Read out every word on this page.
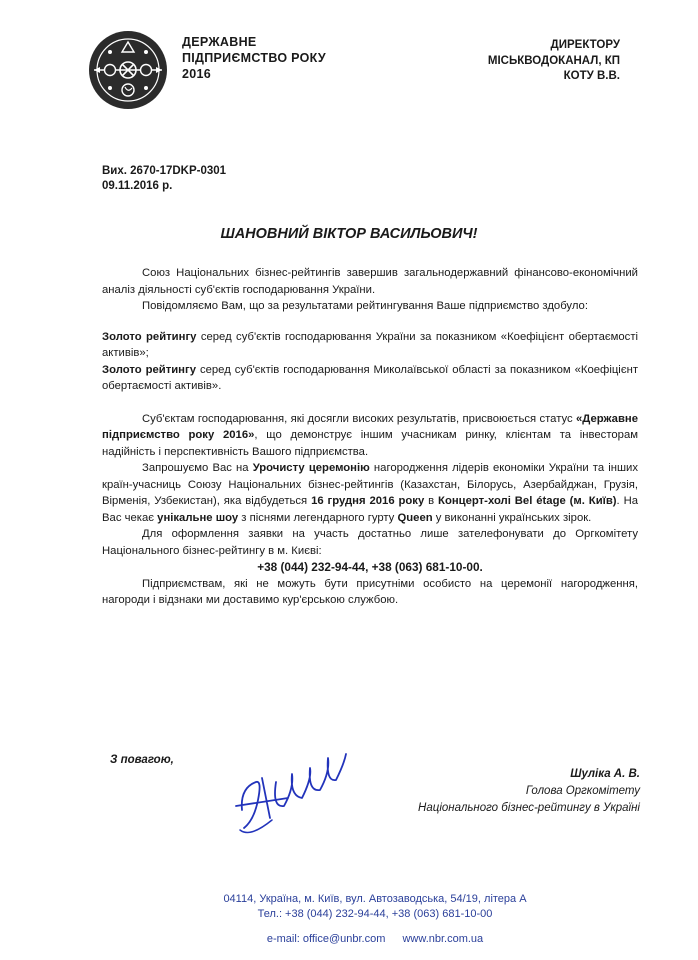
ДЕРЖАВНЕ
ПІДПРИЄМСТВО РОКУ
2016
ДИРЕКТОРУ
МІСЬКВОДОКАНАЛ, КП
КОТУ В.В.
Вих. 2670-17DKP-0301
09.11.2016 р.
ШАНОВНИЙ ВІКТОР ВАСИЛЬОВИЧ!

Союз Національних бізнес-рейтингів завершив загальнодержавний фінансово-економічний аналіз діяльності суб'єктів господарювання України.

Повідомляємо Вам, що за результатами рейтингування Ваше підприємство здобуло:

Золото рейтингу серед суб'єктів господарювання України за показником «Коефіцієнт обертаємості активів»;

Золото рейтингу серед суб'єктів господарювання Миколаївської області за показником «Коефіцієнт обертаємості активів».

Суб'єктам господарювання, які досягли високих результатів, присвоюється статус «Державне підприємство року 2016», що демонструє іншим учасникам ринку, клієнтам та інвесторам надійність і перспективність Вашого підприємства.

Запрошуємо Вас на Урочисту церемонію нагородження лідерів економіки України та інших країн-учасниць Союзу Національних бізнес-рейтингів (Казахстан, Білорусь, Азербайджан, Грузія, Вірменія, Узбекистан), яка відбудеться 16 грудня 2016 року в Концерт-холі Bel étage (м. Київ). На Вас чекає унікальне шоу з піснями легендарного гурту Queen у виконанні українських зірок.

Для оформлення заявки на участь достатньо лише зателефонувати до Оргкомітету Національного бізнес-рейтингу в м. Києві:

+38 (044) 232-94-44, +38 (063) 681-10-00.

Підприємствам, які не можуть бути присутніми особисто на церемонії нагородження, нагороди і відзнаки ми доставимо кур'єрською службою.

З повагою,
Шуліка А. В.
Голова Оргкомітету
Національного бізнес-рейтингу в Україні
04114, Україна, м. Київ, вул. Автозаводська, 54/19, літера А
Тел.: +38 (044) 232-94-44, +38 (063) 681-10-00
e-mail: office@unbr.com www.nbr.com.ua
